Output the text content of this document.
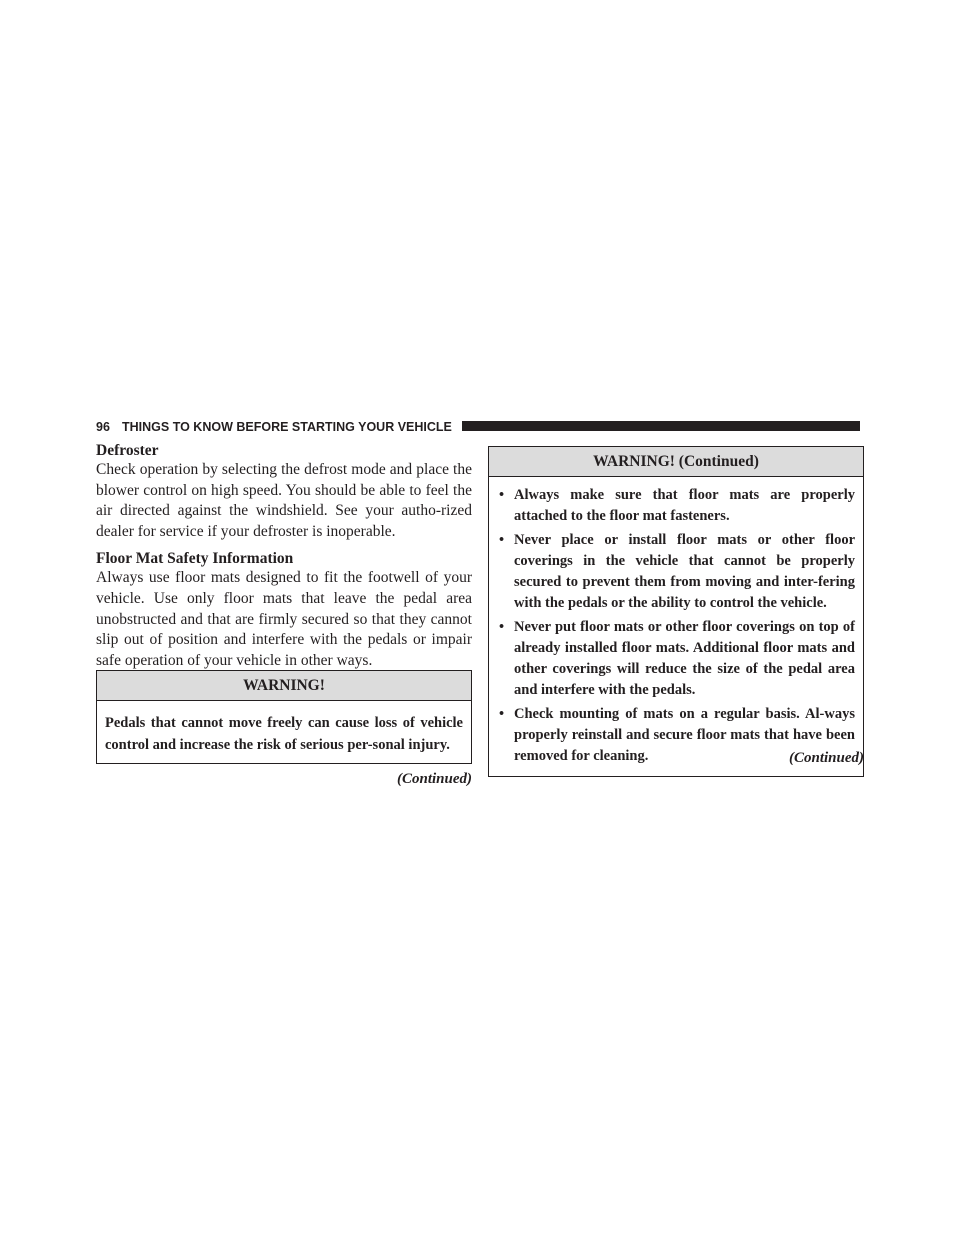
96 THINGS TO KNOW BEFORE STARTING YOUR VEHICLE
Defroster

Check operation by selecting the defrost mode and place the blower control on high speed. You should be able to feel the air directed against the windshield. See your autho-rized dealer for service if your defroster is inoperable.

Floor Mat Safety Information

Always use floor mats designed to fit the footwell of your vehicle. Use only floor mats that leave the pedal area unobstructed and that are firmly secured so that they cannot slip out of position and interfere with the pedals or impair safe operation of your vehicle in other ways.

WARNING!
Pedals that cannot move freely can cause loss of vehicle control and increase the risk of serious per-sonal injury.
(Continued)
WARNING! (Continued)
• Always make sure that floor mats are properly attached to the floor mat fasteners.
• Never place or install floor mats or other floor coverings in the vehicle that cannot be properly secured to prevent them from moving and inter-fering with the pedals or the ability to control the vehicle.
• Never put floor mats or other floor coverings on top of already installed floor mats. Additional floor mats and other coverings will reduce the size of the pedal area and interfere with the pedals.
• Check mounting of mats on a regular basis. Al-ways properly reinstall and secure floor mats that have been removed for cleaning.	(Continued)
